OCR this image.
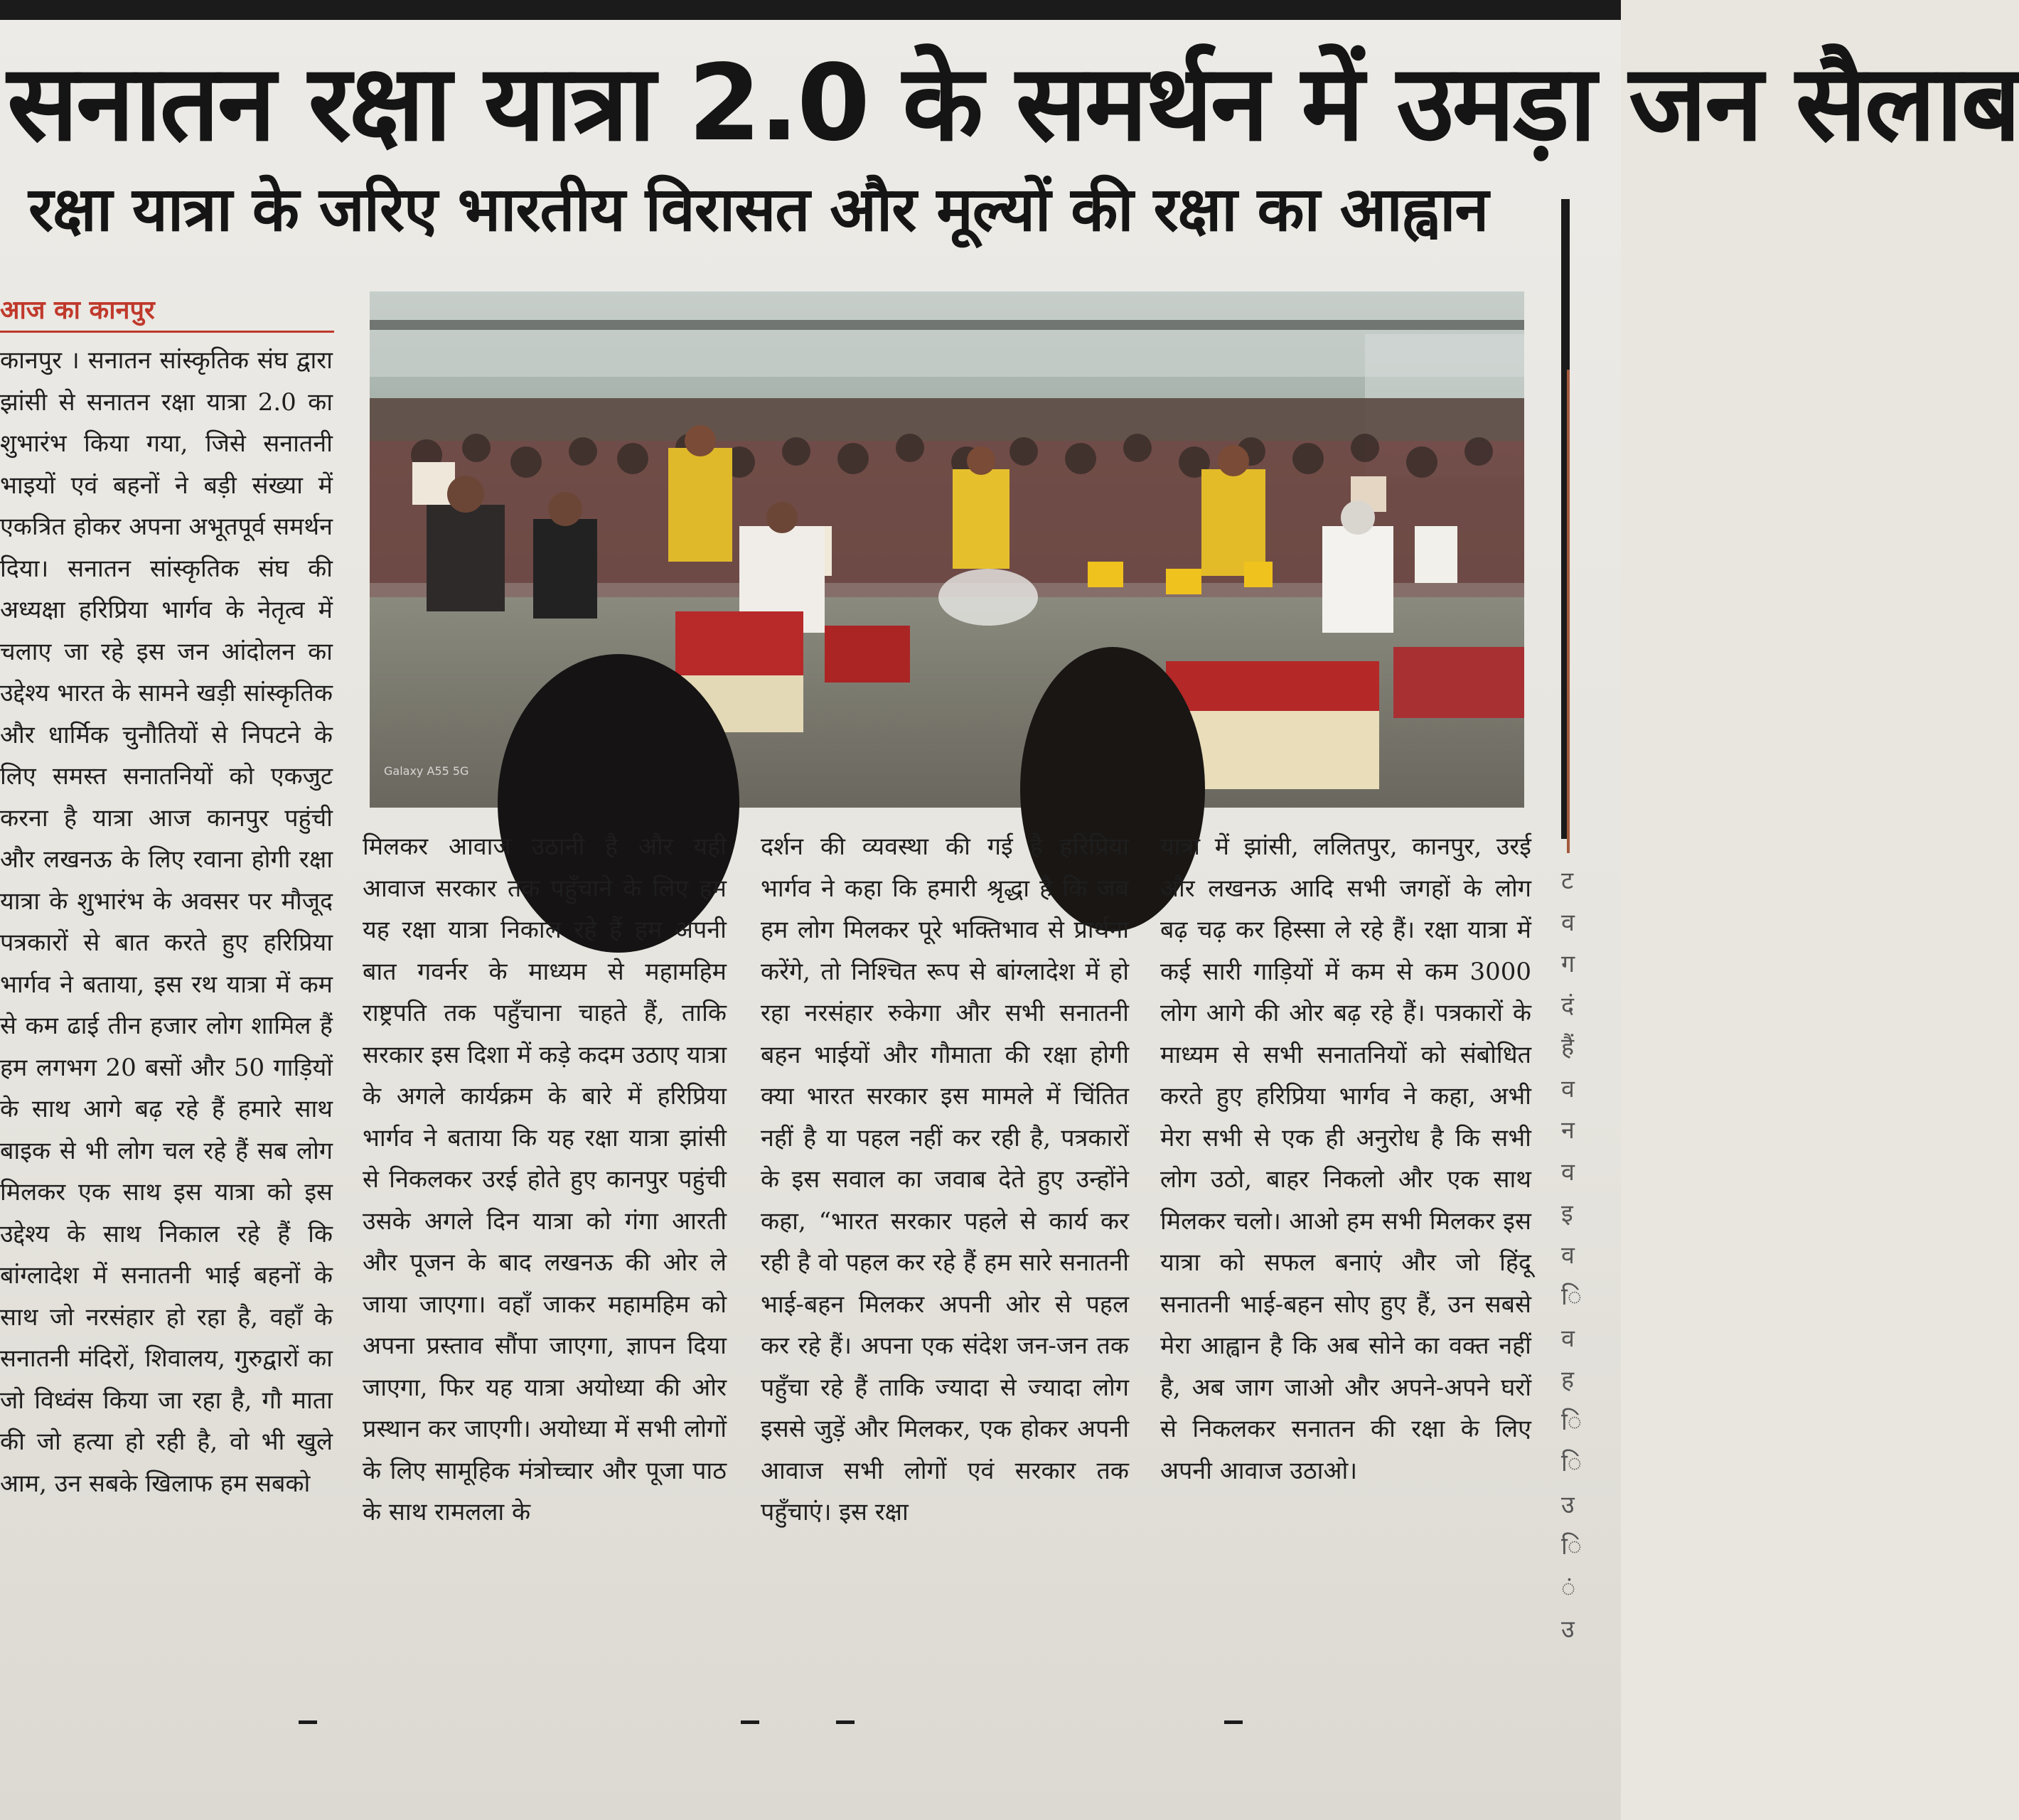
सनातन रक्षा यात्रा 2.0 के समर्थन में उमड़ा जन सैलाब
रक्षा यात्रा के जरिए भारतीय विरासत और मूल्यों की रक्षा का आह्वान
आज का कानपुर
Galaxy A55 5G

कानपुर । सनातन सांस्कृतिक संघ द्वारा झांसी से सनातन रक्षा यात्रा 2.0 का शुभारंभ किया गया, जिसे सनातनी भाइयों एवं बहनों ने बड़ी संख्या में एकत्रित होकर अपना अभूतपूर्व समर्थन दिया। सनातन सांस्कृतिक संघ की अध्यक्षा हरिप्रिया भार्गव के नेतृत्व में चलाए जा रहे इस जन आंदोलन का उद्देश्य भारत के सामने खड़ी सांस्कृतिक और धार्मिक चुनौतियों से निपटने के लिए समस्त सनातनियों को एकजुट करना है यात्रा आज कानपुर पहुंची और लखनऊ के लिए रवाना होगी रक्षा यात्रा के शुभारंभ के अवसर पर मौजूद पत्रकारों से बात करते हुए हरिप्रिया भार्गव ने बताया, इस रथ यात्रा में कम से कम ढाई तीन हजार लोग शामिल हैं हम लगभग 20 बसों और 50 गाड़ियों के साथ आगे बढ़ रहे हैं हमारे साथ बाइक से भी लोग चल रहे हैं सब लोग मिलकर एक साथ इस यात्रा को इस उद्देश्य के साथ निकाल रहे हैं कि बांग्लादेश में सनातनी भाई बहनों के साथ जो नरसंहार हो रहा है, वहाँ के सनातनी मंदिरों, शिवालय, गुरुद्वारों का जो विध्वंस किया जा रहा है, गौ माता की जो हत्या हो रही है, वो भी खुले आम, उन सबके खिलाफ हम सबको

मिलकर आवाज उठानी है और यही आवाज सरकार तक पहुँचाने के लिए हम यह रक्षा यात्रा निकाल रहे हैं हम अपनी बात गवर्नर के माध्यम से महामहिम राष्ट्रपति तक पहुँचाना चाहते हैं, ताकि सरकार इस दिशा में कड़े कदम उठाए यात्रा के अगले कार्यक्रम के बारे में हरिप्रिया भार्गव ने बताया कि यह रक्षा यात्रा झांसी से निकलकर उरई होते हुए कानपुर पहुंची उसके अगले दिन यात्रा को गंगा आरती और पूजन के बाद लखनऊ की ओर ले जाया जाएगा। वहाँ जाकर महामहिम को अपना प्रस्ताव सौंपा जाएगा, ज्ञापन दिया जाएगा, फिर यह यात्रा अयोध्या की ओर प्रस्थान कर जाएगी। अयोध्या में सभी लोगों के लिए सामूहिक मंत्रोच्चार और पूजा पाठ के साथ रामलला के

दर्शन की व्यवस्था की गई है हरिप्रिया भार्गव ने कहा कि हमारी श्रृद्धा है कि जब हम लोग मिलकर पूरे भक्तिभाव से प्रार्थना करेंगे, तो निश्चित रूप से बांग्लादेश में हो रहा नरसंहार रुकेगा और सभी सनातनी बहन भाईयों और गौमाता की रक्षा होगी क्या भारत सरकार इस मामले में चिंतित नहीं है या पहल नहीं कर रही है, पत्रकारों के इस सवाल का जवाब देते हुए उन्होंने कहा, “भारत सरकार पहले से कार्य कर रही है वो पहल कर रहे हैं हम सारे सनातनी भाई-बहन मिलकर अपनी ओर से पहल कर रहे हैं। अपना एक संदेश जन-जन तक पहुँचा रहे हैं ताकि ज्यादा से ज्यादा लोग इससे जुड़ें और मिलकर, एक होकर अपनी आवाज सभी लोगों एवं सरकार तक पहुँचाएं। इस रक्षा

यात्रा में झांसी, ललितपुर, कानपुर, उरई और लखनऊ आदि सभी जगहों के लोग बढ़ चढ़ कर हिस्सा ले रहे हैं। रक्षा यात्रा में कई सारी गाड़ियों में कम से कम 3000 लोग आगे की ओर बढ़ रहे हैं। पत्रकारों के माध्यम से सभी सनातनियों को संबोधित करते हुए हरिप्रिया भार्गव ने कहा, अभी मेरा सभी से एक ही अनुरोध है कि सभी लोग उठो, बाहर निकलो और एक साथ मिलकर चलो। आओ हम सभी मिलकर इस यात्रा को सफल बनाएं और जो हिंदू सनातनी भाई-बहन सोए हुए हैं, उन सबसे मेरा आह्वान है कि अब सोने का वक्त नहीं है, अब जाग जाओ और अपने-अपने घरों से निकलकर सनातन की रक्षा के लिए अपनी आवाज उठाओ।

ट
व
ग
दं
हैं
व
न
व
इ
व
ि
व
ह
ि
ि
उ
ि
ं
उ
